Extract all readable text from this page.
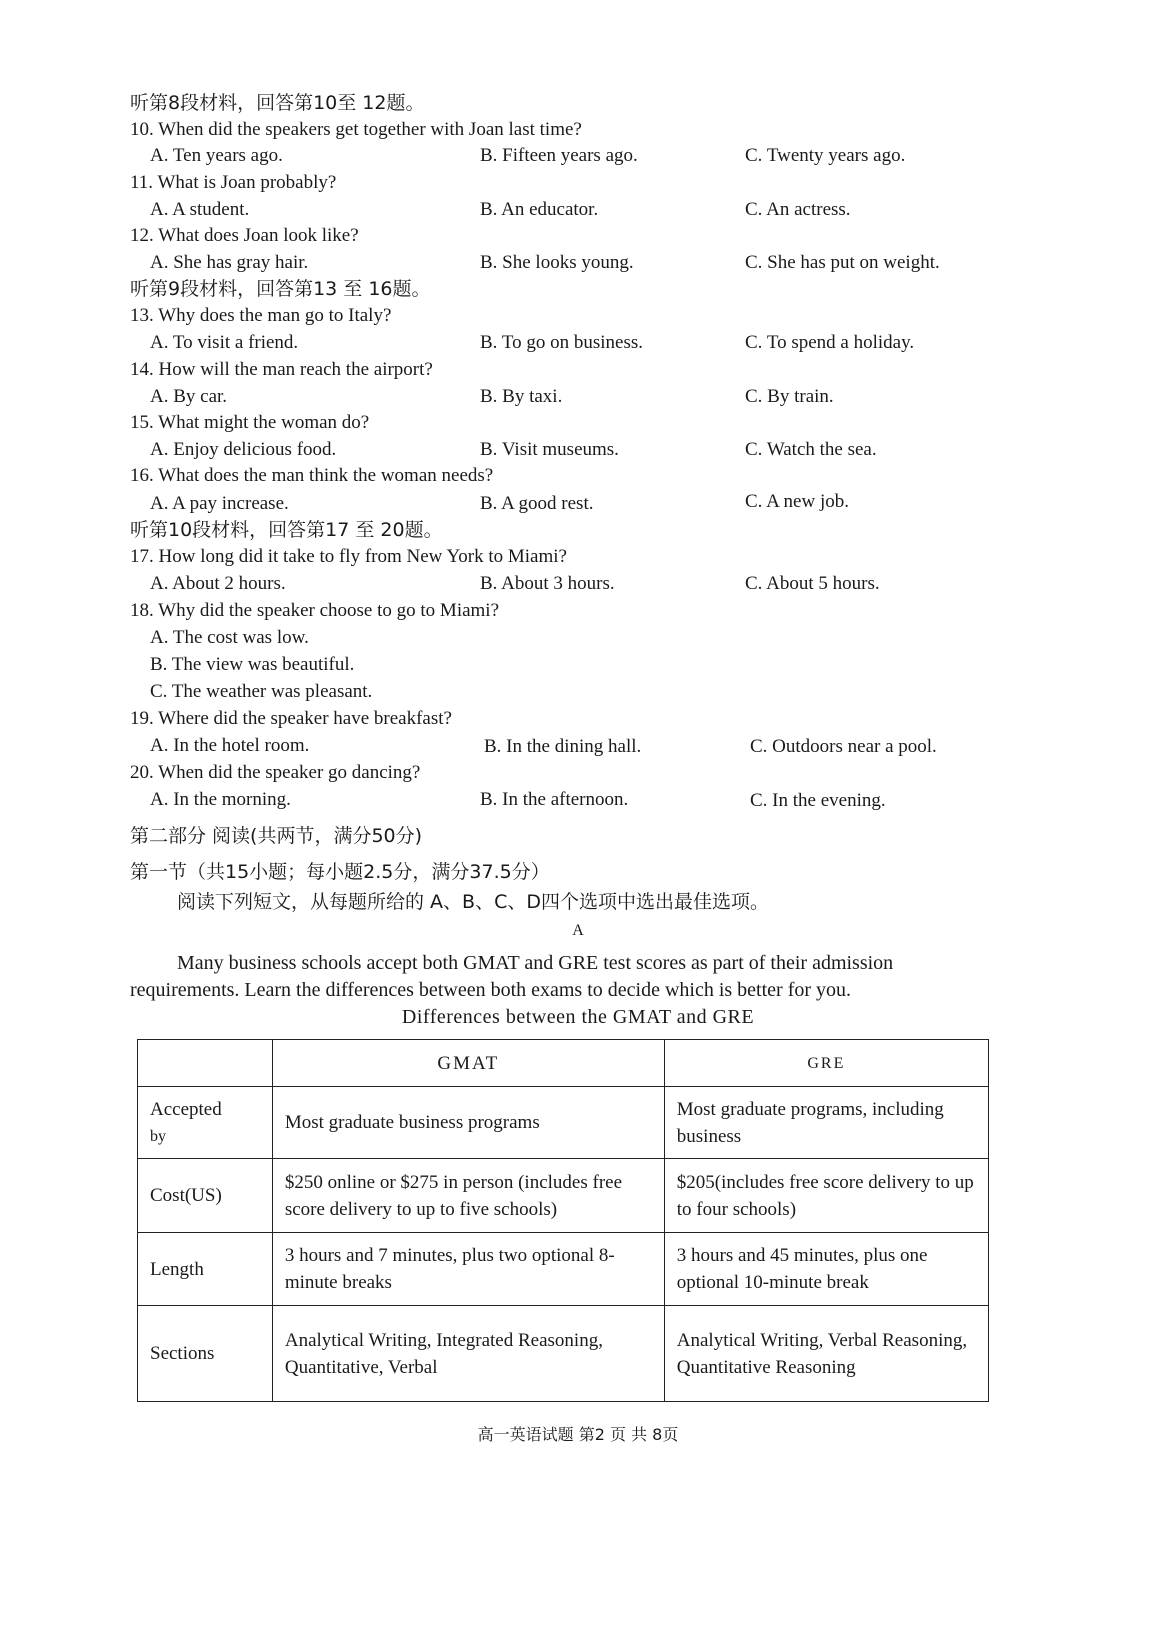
听第8段材料，回答第10至 12题。
10. When did the speakers get together with Joan last time?
A. Ten years ago.	B. Fifteen years ago.	C. Twenty years ago.
11. What is Joan probably?
A. A student.	B. An educator.	C. An actress.
12. What does Joan look like?
A. She has gray hair.	B. She looks young.	C. She has put on weight.
听第9段材料，回答第13 至 16题。
13. Why does the man go to Italy?
A. To visit a friend.	B. To go on business.	C. To spend a holiday.
14. How will the man reach the airport?
A. By car.	B. By taxi.	C. By train.
15. What might the woman do?
A. Enjoy delicious food.	B. Visit museums.	C. Watch the sea.
16. What does the man think the woman needs?
A. A pay increase.	B. A good rest.	C. A new job.
听第10段材料，回答第17 至 20题。
17. How long did it take to fly from New York to Miami?
A. About 2 hours.	B. About 3 hours.	C. About 5 hours.
18. Why did the speaker choose to go to Miami?
A. The cost was low.
B. The view was beautiful.
C. The weather was pleasant.
19. Where did the speaker have breakfast?
A. In the hotel room.	B. In the dining hall.	C. Outdoors near a pool.
20. When did the speaker go dancing?
A. In the morning.	B. In the afternoon.	C. In the evening.
第二部分 阅读(共两节，满分50分)
第一节（共15小题；每小题2.5分，满分37.5分）
阅读下列短文，从每题所给的 A、B、C、D四个选项中选出最佳选项。
A
Many business schools accept both GMAT and GRE test scores as part of their admission
requirements. Learn the differences between both exams to decide which is better for you.
Differences between the GMAT and GRE
	GMAT	GRE

Accepted
by	Most graduate business programs	Most graduate programs, including business
Cost(US)	$250 online or $275 in person (includes free score delivery to up to five schools)	$205(includes free score delivery to up to four schools)
Length	3 hours and 7 minutes, plus two optional 8-minute breaks	3 hours and 45 minutes, plus one optional 10-minute break
Sections	Analytical Writing, Integrated Reasoning, Quantitative, Verbal	Analytical Writing, Verbal Reasoning, Quantitative Reasoning
高一英语试题 第2 页 共 8页
